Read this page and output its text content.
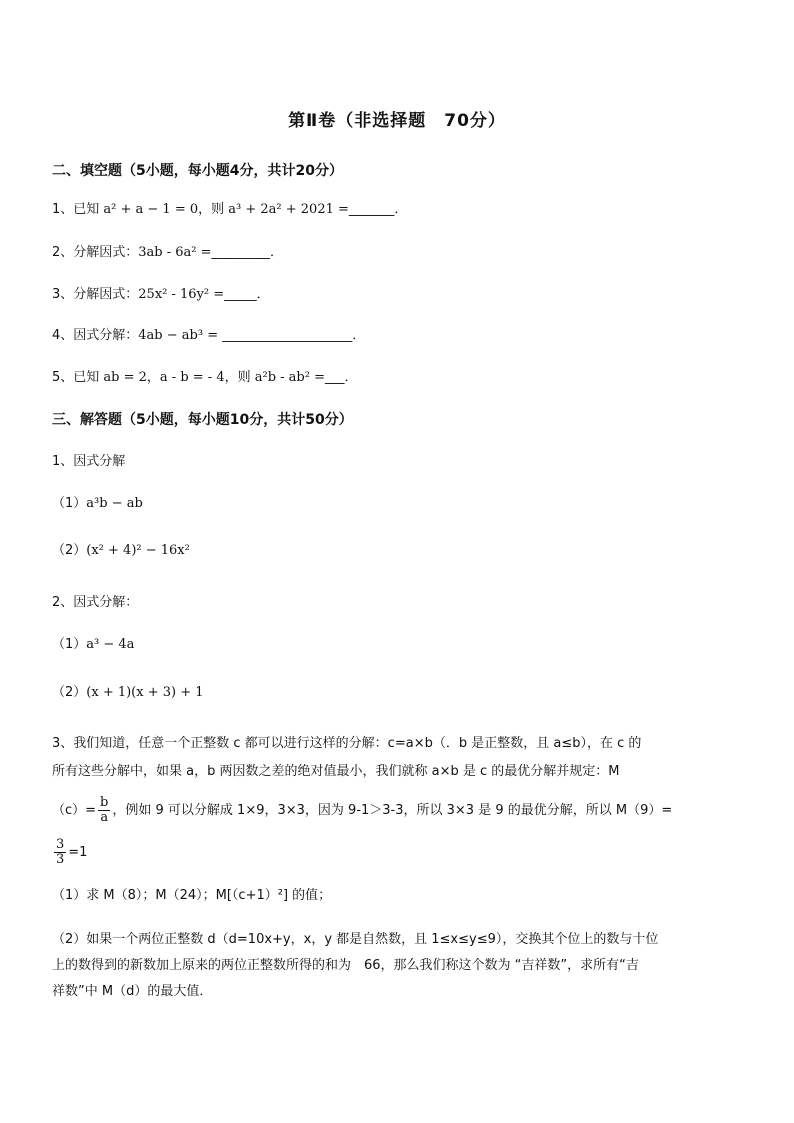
第Ⅱ卷（非选择题　70分）
二、填空题（5小题，每小题4分，共计20分）
1、已知 a² + a − 1 = 0，则 a³ + 2a² + 2021 =_______．
2、分解因式：3ab - 6a² =_________．
3、分解因式：25x² - 16y² =_____．
4、因式分解：4ab − ab³ = ____________________．
5、已知 ab = 2，a - b = - 4，则 a²b - ab² =___．
三、解答题（5小题，每小题10分，共计50分）
1、因式分解
（1）a³b − ab
（2）(x² + 4)² − 16x²
2、因式分解：
（1）a³ − 4a
（2）(x + 1)(x + 3) + 1
3、我们知道，任意一个正整数 c 都可以进行这样的分解：c=a×b（．b 是正整数，且 a≤b），在 c 的
所有这些分解中，如果 a，b 两因数之差的绝对值最小，我们就称 a×b 是 c 的最优分解并规定：M
$(c)= \frac{b}{a}$ ，例如 9 可以分解成 1×9，3×3，因为 9-1＞3-3，所以 3×3 是 9 的最优分解，所以 M（9）=
$\frac{3}{3} =1$
（1）求 M（8）；M（24）；M[（c+1）²] 的值；
（2）如果一个两位正整数 d（d=10x+y，x，y 都是自然数，且 1≤x≤y≤9），交换其个位上的数与十位
上的数得到的新数加上原来的两位正整数所得的和为　66，那么我们称这个数为 “吉祥数”，求所有“吉
祥数”中 M（d）的最大值．
